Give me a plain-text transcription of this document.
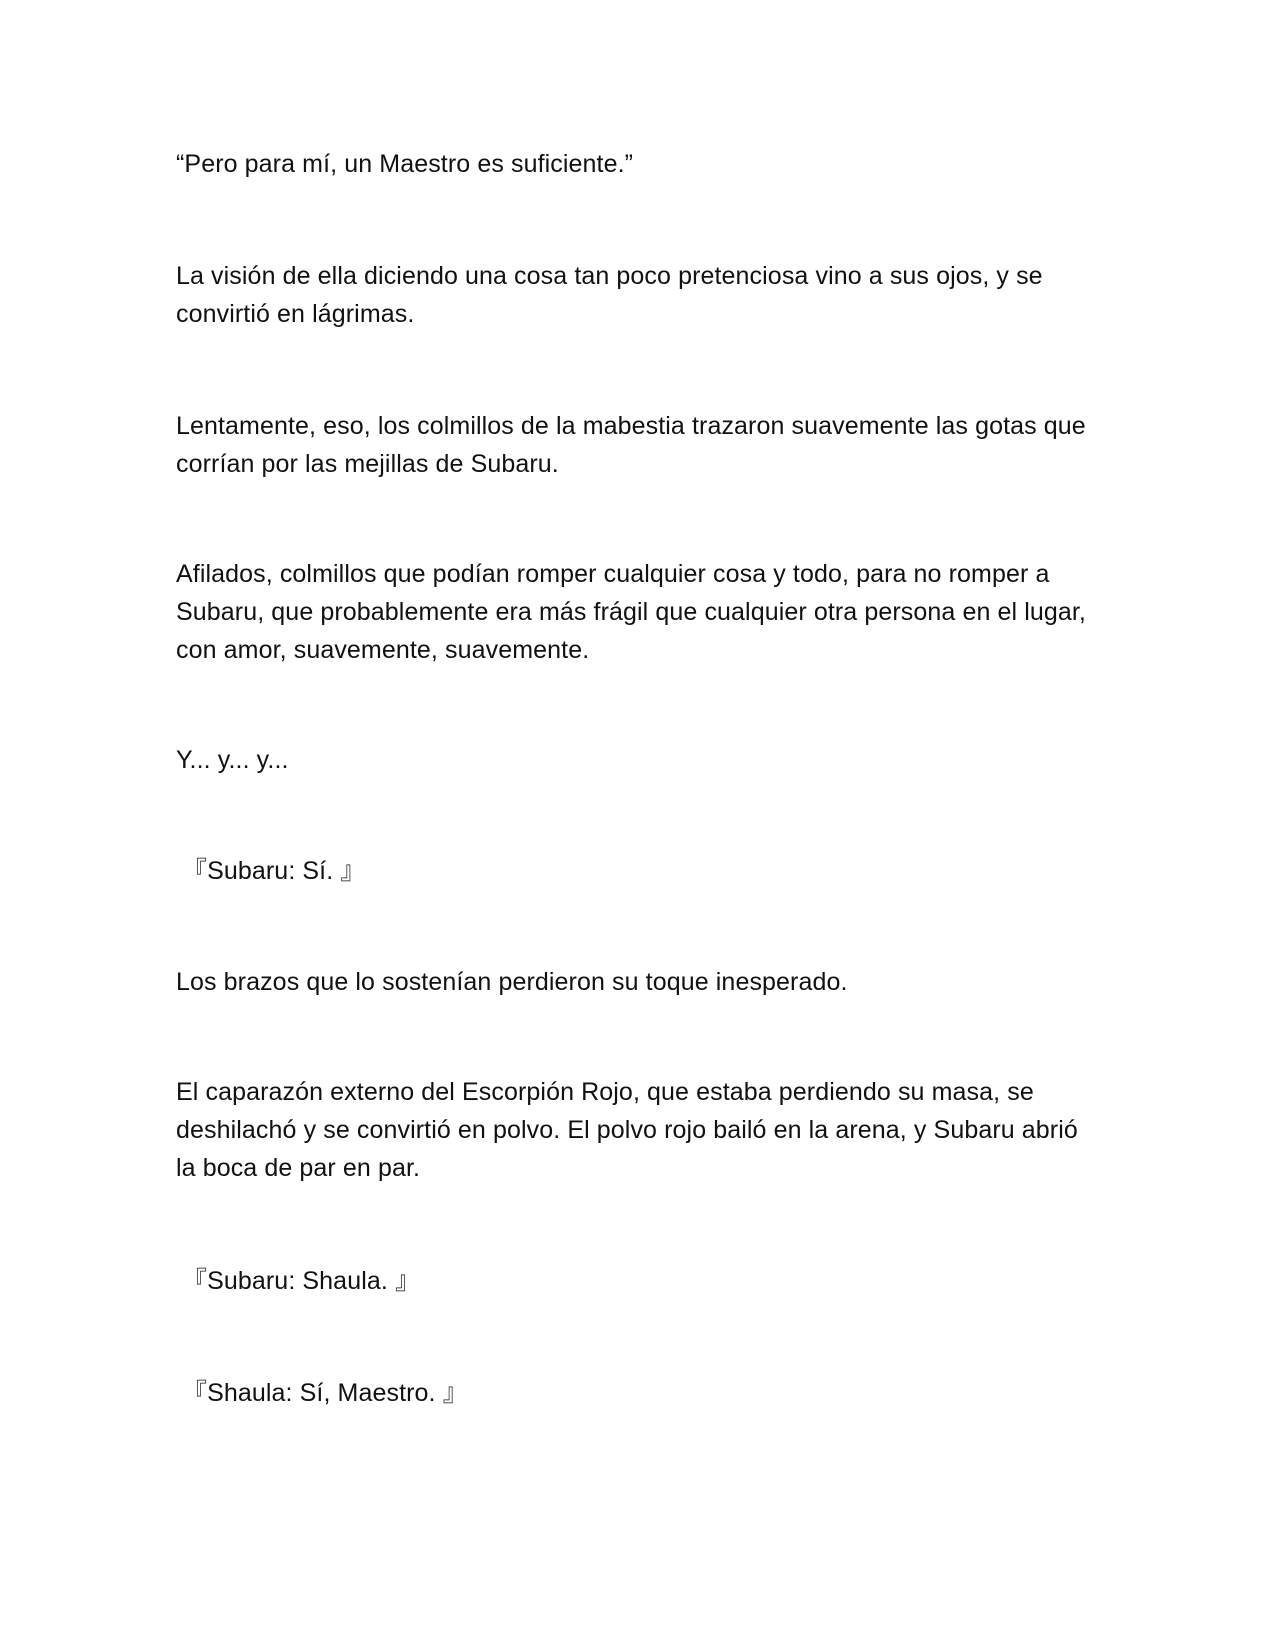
“Pero para mí, un Maestro es suficiente.”

La visión de ella diciendo una cosa tan poco pretenciosa vino a sus ojos, y se convirtió en lágrimas.

Lentamente, eso, los colmillos de la mabestia trazaron suavemente las gotas que corrían por las mejillas de Subaru.

Afilados, colmillos que podían romper cualquier cosa y todo, para no romper a Subaru, que probablemente era más frágil que cualquier otra persona en el lugar, con amor, suavemente, suavemente.

Y... y... y...

『Subaru: Sí. 』

Los brazos que lo sostenían perdieron su toque inesperado.

El caparazón externo del Escorpión Rojo, que estaba perdiendo su masa, se deshilachó y se convirtió en polvo. El polvo rojo bailó en la arena, y Subaru abrió la boca de par en par.

『Subaru: Shaula. 』

『Shaula: Sí, Maestro. 』
